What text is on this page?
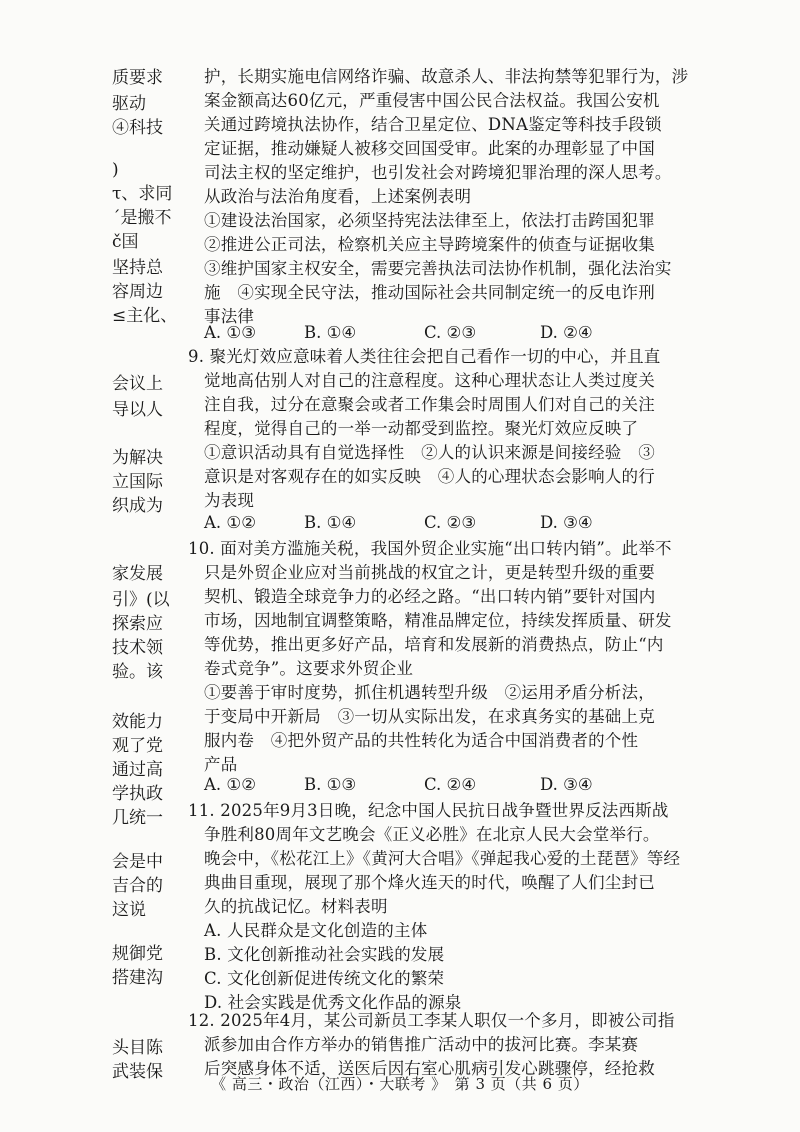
质要求
驱动
④科技
)
τ、求同
ˊ是搬不
č国
坚持总
容周边
≤主化、
会议上
导以人
为解决
立国际
织成为
家发展
引》(以
探索应
技术领
验。该
效能力
观了党
通过高
学执政
几统一
会是中
吉合的
这说
规御党
搭建沟
头目陈
武装保
护，长期实施电信网络诈骗、故意杀人、非法拘禁等犯罪行为，涉
案金额高达60亿元，严重侵害中国公民合法权益。我国公安机
关通过跨境执法协作，结合卫星定位、DNA鉴定等科技手段锁
定证据，推动嫌疑人被移交回国受审。此案的办理彰显了中国
司法主权的坚定维护，也引发社会对跨境犯罪治理的深人思考。
从政治与法治角度看，上述案例表明
①建设法治国家，必须坚持宪法法律至上，依法打击跨国犯罪
②推进公正司法，检察机关应主导跨境案件的侦查与证据收集
③维护国家主权安全，需要完善执法司法协作机制，强化法治实
施　④实现全民守法，推动国际社会共同制定统一的反电诈刑
事法律
A. ①③	B. ①④	C. ②③	D. ②④
9. 聚光灯效应意味着人类往往会把自己看作一切的中心，并且直
觉地高估别人对自己的注意程度。这种心理状态让人类过度关
注自我，过分在意聚会或者工作集会时周围人们对自己的关注
程度，觉得自己的一举一动都受到监控。聚光灯效应反映了
①意识活动具有自觉选择性　②人的认识来源是间接经验　③
意识是对客观存在的如实反映　④人的心理状态会影响人的行
为表现
A. ①②	B. ①④	C. ②③	D. ③④
10. 面对美方滥施关税，我国外贸企业实施“出口转内销”。此举不
只是外贸企业应对当前挑战的权宜之计，更是转型升级的重要
契机、锻造全球竞争力的必经之路。“出口转内销”要针对国内
市场，因地制宜调整策略，精准品牌定位，持续发挥质量、研发
等优势，推出更多好产品，培育和发展新的消费热点，防止“内
卷式竞争”。这要求外贸企业
①要善于审时度势，抓住机遇转型升级　②运用矛盾分析法，
于变局中开新局　③一切从实际出发，在求真务实的基础上克
服内卷　④把外贸产品的共性转化为适合中国消费者的个性
产品
A. ①②	B. ①③	C. ②④	D. ③④
11. 2025年9月3日晚，纪念中国人民抗日战争暨世界反法西斯战
争胜利80周年文艺晚会《正义必胜》在北京人民大会堂举行。
晚会中，《松花江上》《黄河大合唱》《弹起我心爱的土琵琶》等经
典曲目重现，展现了那个烽火连天的时代，唤醒了人们尘封已
久的抗战记忆。材料表明
A. 人民群众是文化创造的主体
B. 文化创新推动社会实践的发展
C. 文化创新促进传统文化的繁荣
D. 社会实践是优秀文化作品的源泉
12. 2025年4月，某公司新员工李某人职仅一个多月，即被公司指
派参加由合作方举办的销售推广活动中的拔河比赛。李某赛
后突感身体不适，送医后因右室心肌病引发心跳骤停，经抢救
《 高三・政治（江西）・大联考 》　第 3 页（共 6 页）
